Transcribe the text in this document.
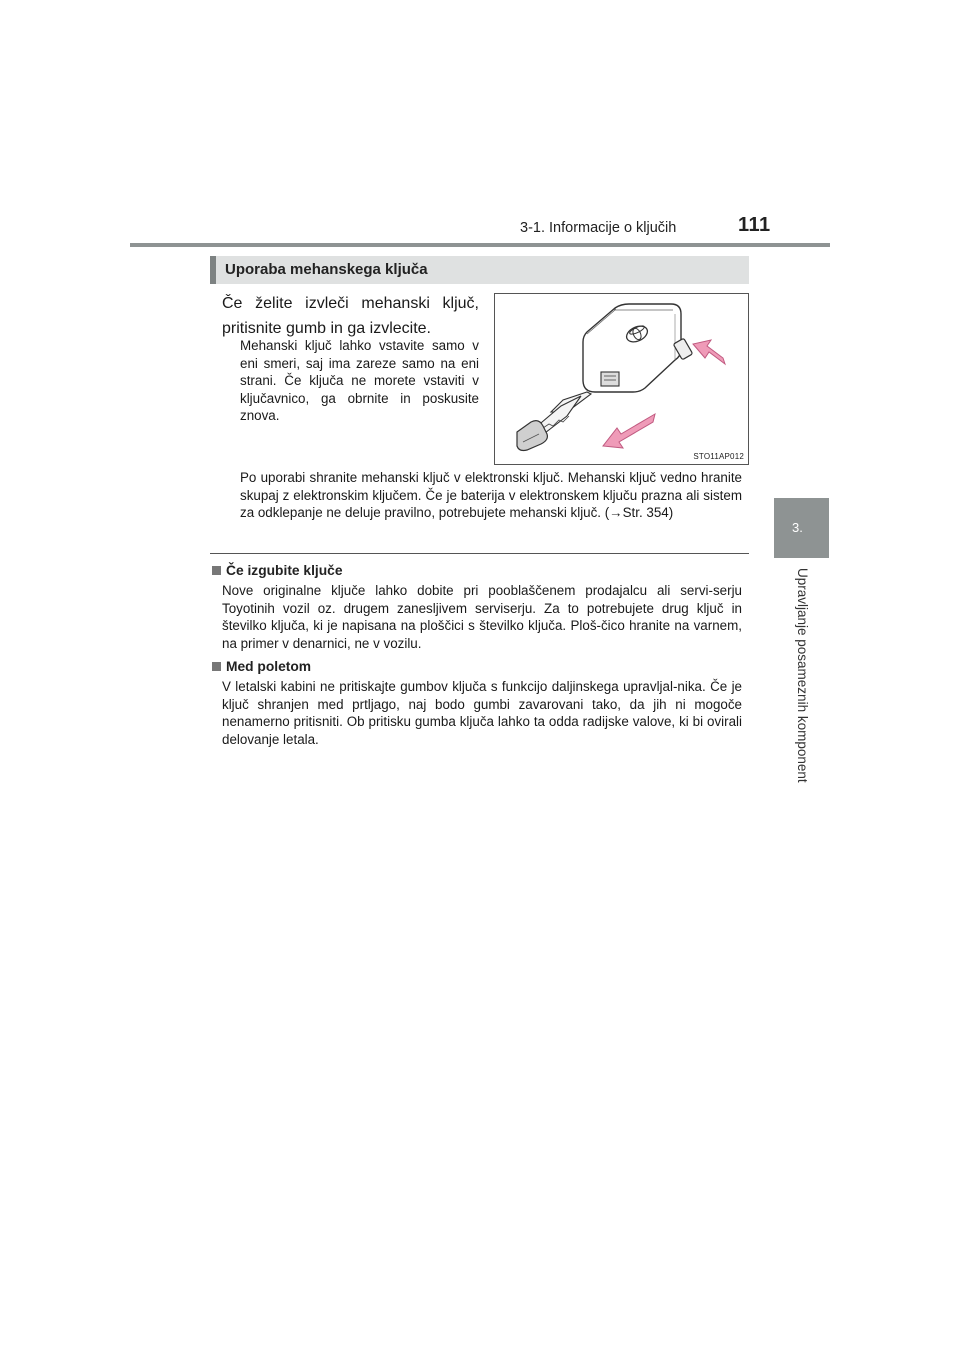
3-1. Informacije o ključih	111
3.
Upravljanje posameznih komponent
Uporaba mehanskega ključa
Če želite izvleči mehanski ključ,
pritisnite gumb in ga izvlecite.
Mehanski ključ lahko vstavite samo v eni smeri, saj ima zareze samo na eni strani. Če ključa ne morete vstaviti v ključavnico, ga obrnite in poskusite znova.
STO11AP012
Po uporabi shranite mehanski ključ v elektronski ključ. Mehanski ključ vedno hranite skupaj z elektronskim ključem. Če je baterija v elektronskem ključu prazna ali sistem za odklepanje ne deluje pravilno, potrebujete mehanski ključ. (→Str. 354)
Če izgubite ključe
Nove originalne ključe lahko dobite pri pooblaščenem prodajalcu ali servi-serju Toyotinih vozil oz. drugem zanesljivem serviserju. Za to potrebujete drug ključ in številko ključa, ki je napisana na ploščici s številko ključa. Ploš-čico hranite na varnem, na primer v denarnici, ne v vozilu.
Med poletom
V letalski kabini ne pritiskajte gumbov ključa s funkcijo daljinskega upravljal-nika. Če je ključ shranjen med prtljago, naj bodo gumbi zavarovani tako, da jih ni mogoče nenamerno pritisniti. Ob pritisku gumba ključa lahko ta odda radijske valove, ki bi ovirali delovanje letala.
